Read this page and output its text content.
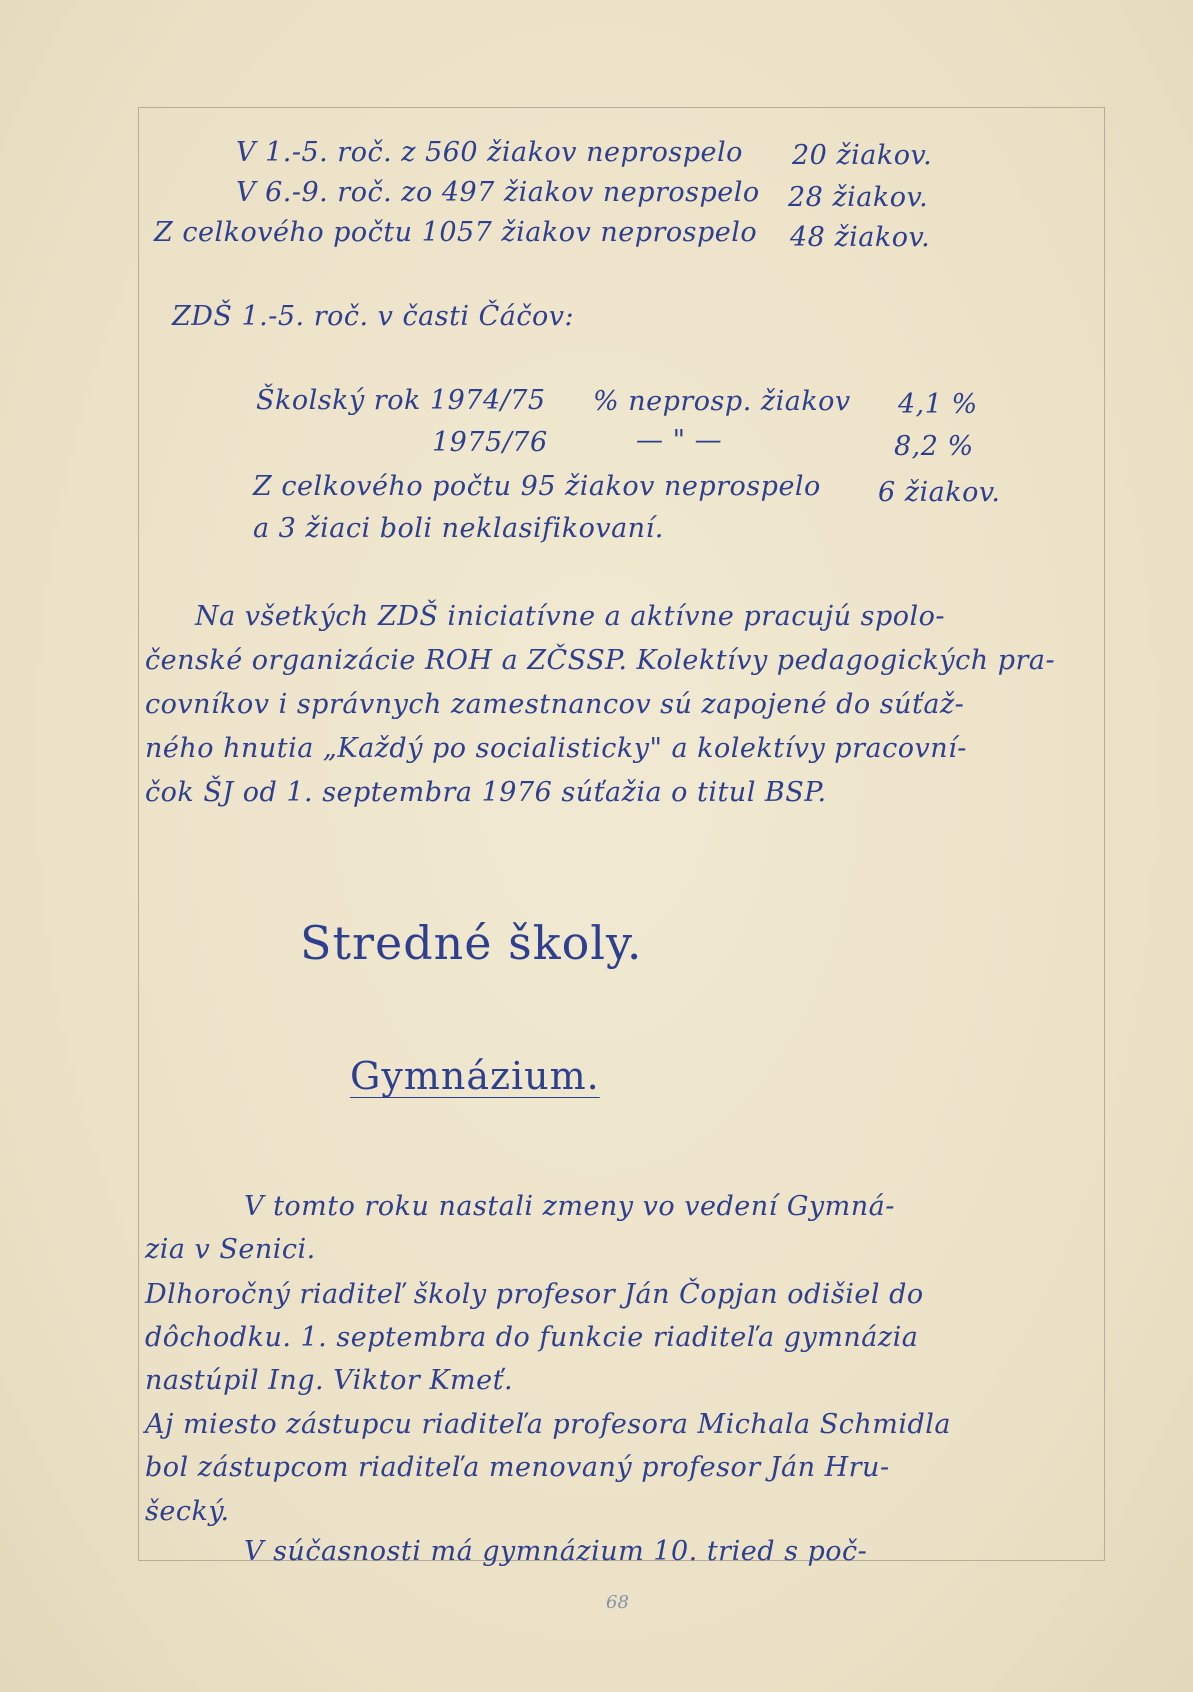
V 1.-5. roč. z 560 žiakov neprospelo 20 žiakov.
V 6.-9. roč. zo 497 žiakov neprospelo 28 žiakov.
Z celkového počtu 1057 žiakov neprospelo 48 žiakov.
ZDŠ 1.-5. roč. v časti Čáčov:
Školský rok 1974/75 % neprosp. žiakov 4,1 %
1975/76	— " —	8,2 %
Z celkového počtu 95 žiakov neprospelo 6 žiakov.
a 3 žiaci boli neklasifikovaní.
Na všetkých ZDŠ iniciatívne a aktívne pracujú spolo-
čenské organizácie ROH a ZČSSP. Kolektívy pedagogických pra-
covníkov i správnych zamestnancov sú zapojené do súťaž-
ného hnutia „Každý po socialisticky" a kolektívy pracovní-
čok ŠJ od 1. septembra 1976 súťažia o titul BSP.
Stredné školy.
Gymnázium.
V tomto roku nastali zmeny vo vedení Gymná-
zia v Senici.
Dlhoročný riaditeľ školy profesor Ján Čopjan odišiel do
dôchodku. 1. septembra do funkcie riaditeľa gymnázia
nastúpil Ing. Viktor Kmeť.
Aj miesto zástupcu riaditeľa profesora Michala Schmidla
bol zástupcom riaditeľa menovaný profesor Ján Hru-
šecký.
V súčasnosti má gymnázium 10. tried s poč-
68
